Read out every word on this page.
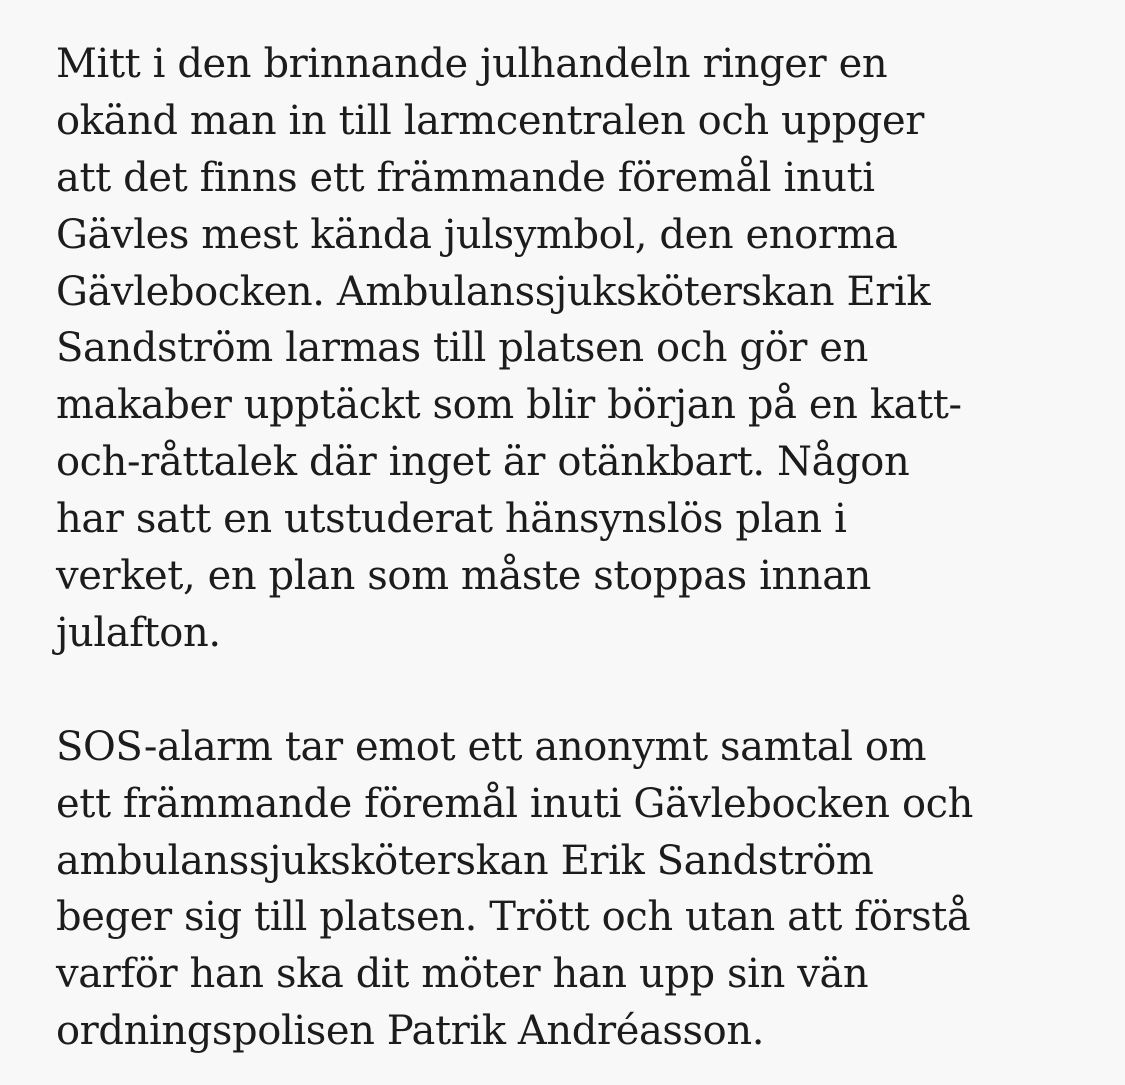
Mitt i den brinnande julhandeln ringer en
okänd man in till larmcentralen och uppger
att det finns ett främmande föremål inuti
Gävles mest kända julsymbol, den enorma
Gävlebocken. Ambulanssjuksköterskan Erik
Sandström larmas till platsen och gör en
makaber upptäckt som blir början på en katt-
och-råttalek där inget är otänkbart. Någon
har satt en utstuderat hänsynslös plan i
verket, en plan som måste stoppas innan
julafton.

SOS-alarm tar emot ett anonymt samtal om
ett främmande föremål inuti Gävlebocken och
ambulanssjuksköterskan Erik Sandström
beger sig till platsen. Trött och utan att förstå
varför han ska dit möter han upp sin vän
ordningspolisen Patrik Andréasson.
